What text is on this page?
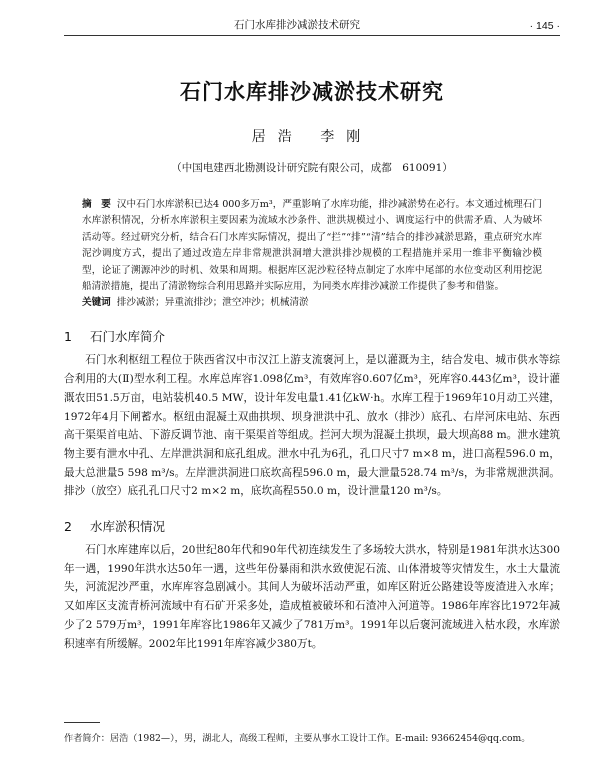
石门水库排沙减淤技术研究	· 145 ·
石门水库排沙减淤技术研究
居浩 李刚
（中国电建西北勘测设计研究院有限公司，成都　610091）
摘　要 汉中石门水库淤积已达4 000多万m³，严重影响了水库功能，排沙减淤势在必行。本文通过梳理石门水库淤积情况，分析水库淤积主要因素为流域水沙条件、泄洪规模过小、调度运行中的供需矛盾、人为破坏活动等。经过研究分析，结合石门水库实际情况，提出了“拦”“排”“清”结合的排沙减淤思路，重点研究水库泥沙调度方式，提出了通过改造左岸非常规泄洪洞增大泄洪排沙规模的工程措施并采用一维非平衡输沙模型，论证了溯源冲沙的时机、效果和周期。根据库区泥沙粒径特点制定了水库中尾部的水位变动区利用挖泥船清淤措施，提出了清淤物综合利用思路并实际应用，为同类水库排沙减淤工作提供了参考和借鉴。
关键词 排沙减淤；异重流排沙；泄空冲沙；机械清淤
1 石门水库简介

石门水利枢纽工程位于陕西省汉中市汉江上游支流褒河上，是以灌溉为主，结合发电、城市供水等综合利用的大(Ⅱ)型水利工程。水库总库容1.098亿m³，有效库容0.607亿m³，死库容0.443亿m³，设计灌溉农田51.5万亩，电站装机40.5 MW，设计年发电量1.41亿kW·h。水库工程于1969年10月动工兴建，1972年4月下闸蓄水。枢纽由混凝土双曲拱坝、坝身泄洪中孔、放水（排沙）底孔、右岸河床电站、东西高干渠渠首电站、下游反调节池、南干渠渠首等组成。拦河大坝为混凝土拱坝，最大坝高88 m。泄水建筑物主要有泄水中孔、左岸泄洪洞和底孔组成。泄水中孔为6孔，孔口尺寸7 m×8 m，进口高程596.0 m，最大总泄量5 598 m³/s。左岸泄洪洞进口底坎高程596.0 m，最大泄量528.74 m³/s，为非常规泄洪洞。排沙（放空）底孔孔口尺寸2 m×2 m，底坎高程550.0 m，设计泄量120 m³/s。

2 水库淤积情况

石门水库建库以后，20世纪80年代和90年代初连续发生了多场较大洪水，特别是1981年洪水达300年一遇，1990年洪水达50年一遇，这些年份暴雨和洪水致使泥石流、山体滑坡等灾情发生，水土大量流失，河流泥沙严重，水库库容急剧减小。其间人为破坏活动严重，如库区附近公路建设等废渣进入水库；又如库区支流青桥河流域中有石矿开采多处，造成植被破坏和石渣冲入河道等。1986年库容比1972年减少了2 579万m³，1991年库容比1986年又减少了781万m³。1991年以后褒河流域进入枯水段，水库淤积速率有所缓解。2002年比1991年库容减少380万t。

作者简介：居浩（1982—），男，湖北人，高级工程师，主要从事水工设计工作。E-mail: 93662454@qq.com。
